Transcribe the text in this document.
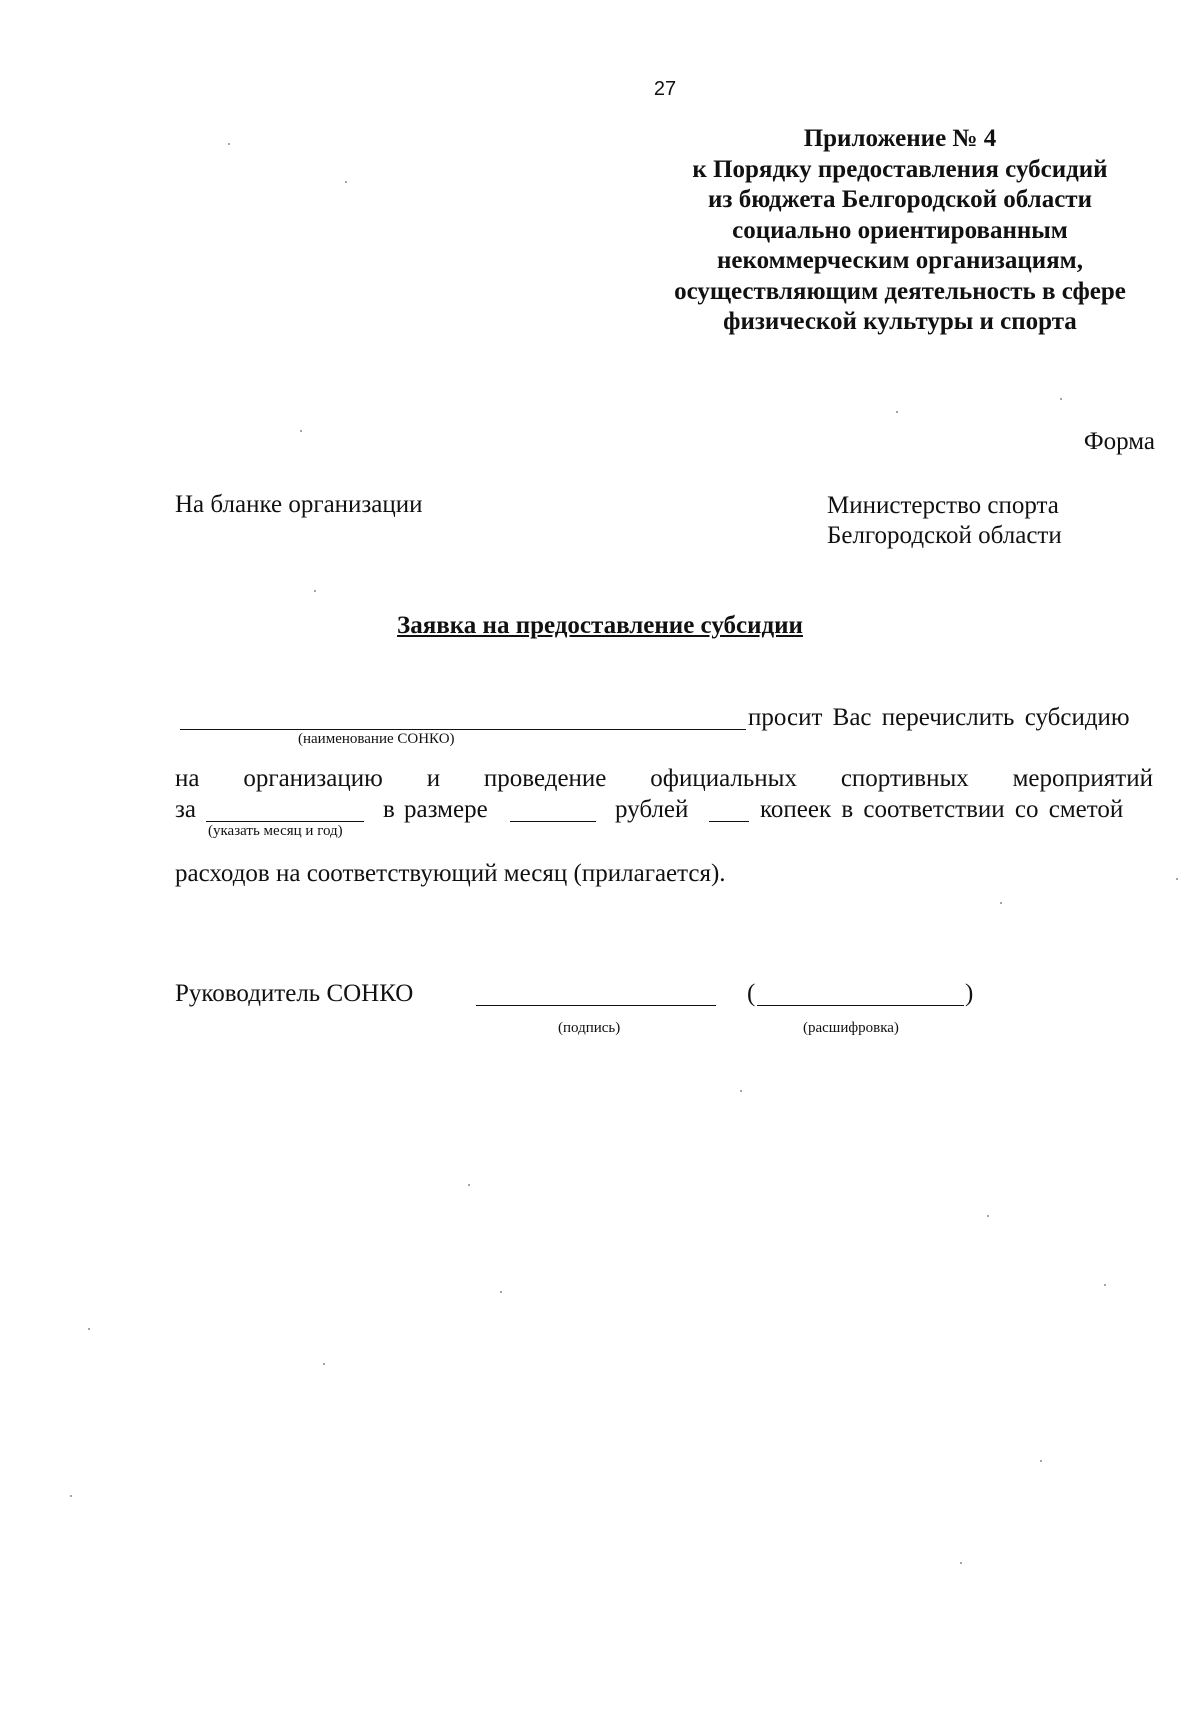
27
Приложение № 4
к Порядку предоставления субсидий
из бюджета Белгородской области
социально ориентированным
некоммерческим организациям,
осуществляющим деятельность в сфере
физической культуры и спорта
Форма
На бланке организации	Министерство спорта
Белгородской области
Заявка на предоставление субсидии
просит Вас перечислить субсидию
(наименование СОНКО)
на организацию и проведение официальных спортивных мероприятий
за	в размере	рублей	копеек в соответствии со сметой
(указать месяц и год)
расходов на соответствующий месяц (прилагается).
Руководитель СОНКО	(	)
(подпись)	(расшифровка)
